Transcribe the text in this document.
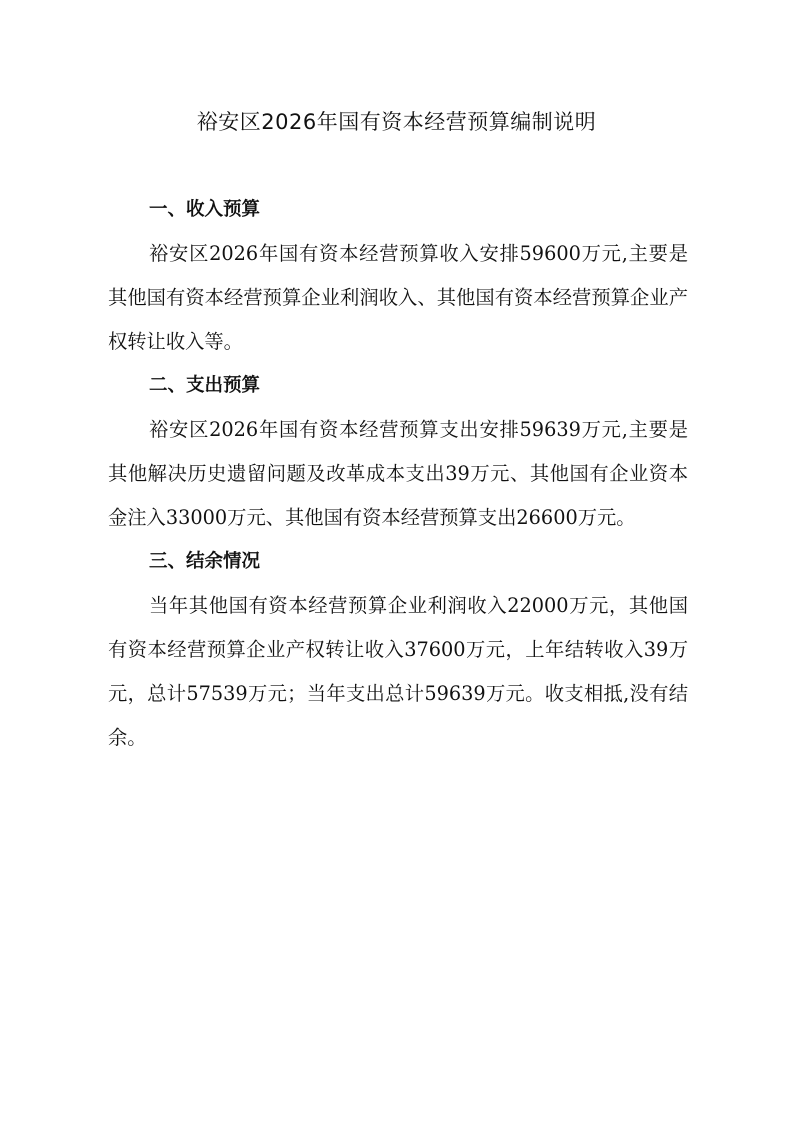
裕安区2026年国有资本经营预算编制说明

一、收入预算

裕安区2026年国有资本经营预算收入安排59600万元,主要是其他国有资本经营预算企业利润收入、其他国有资本经营预算企业产权转让收入等。

二、支出预算

裕安区2026年国有资本经营预算支出安排59639万元,主要是其他解决历史遗留问题及改革成本支出39万元、其他国有企业资本金注入33000万元、其他国有资本经营预算支出26600万元。

三、结余情况

当年其他国有资本经营预算企业利润收入22000万元，其他国有资本经营预算企业产权转让收入37600万元，上年结转收入39万元，总计57539万元；当年支出总计59639万元。收支相抵,没有结余。
